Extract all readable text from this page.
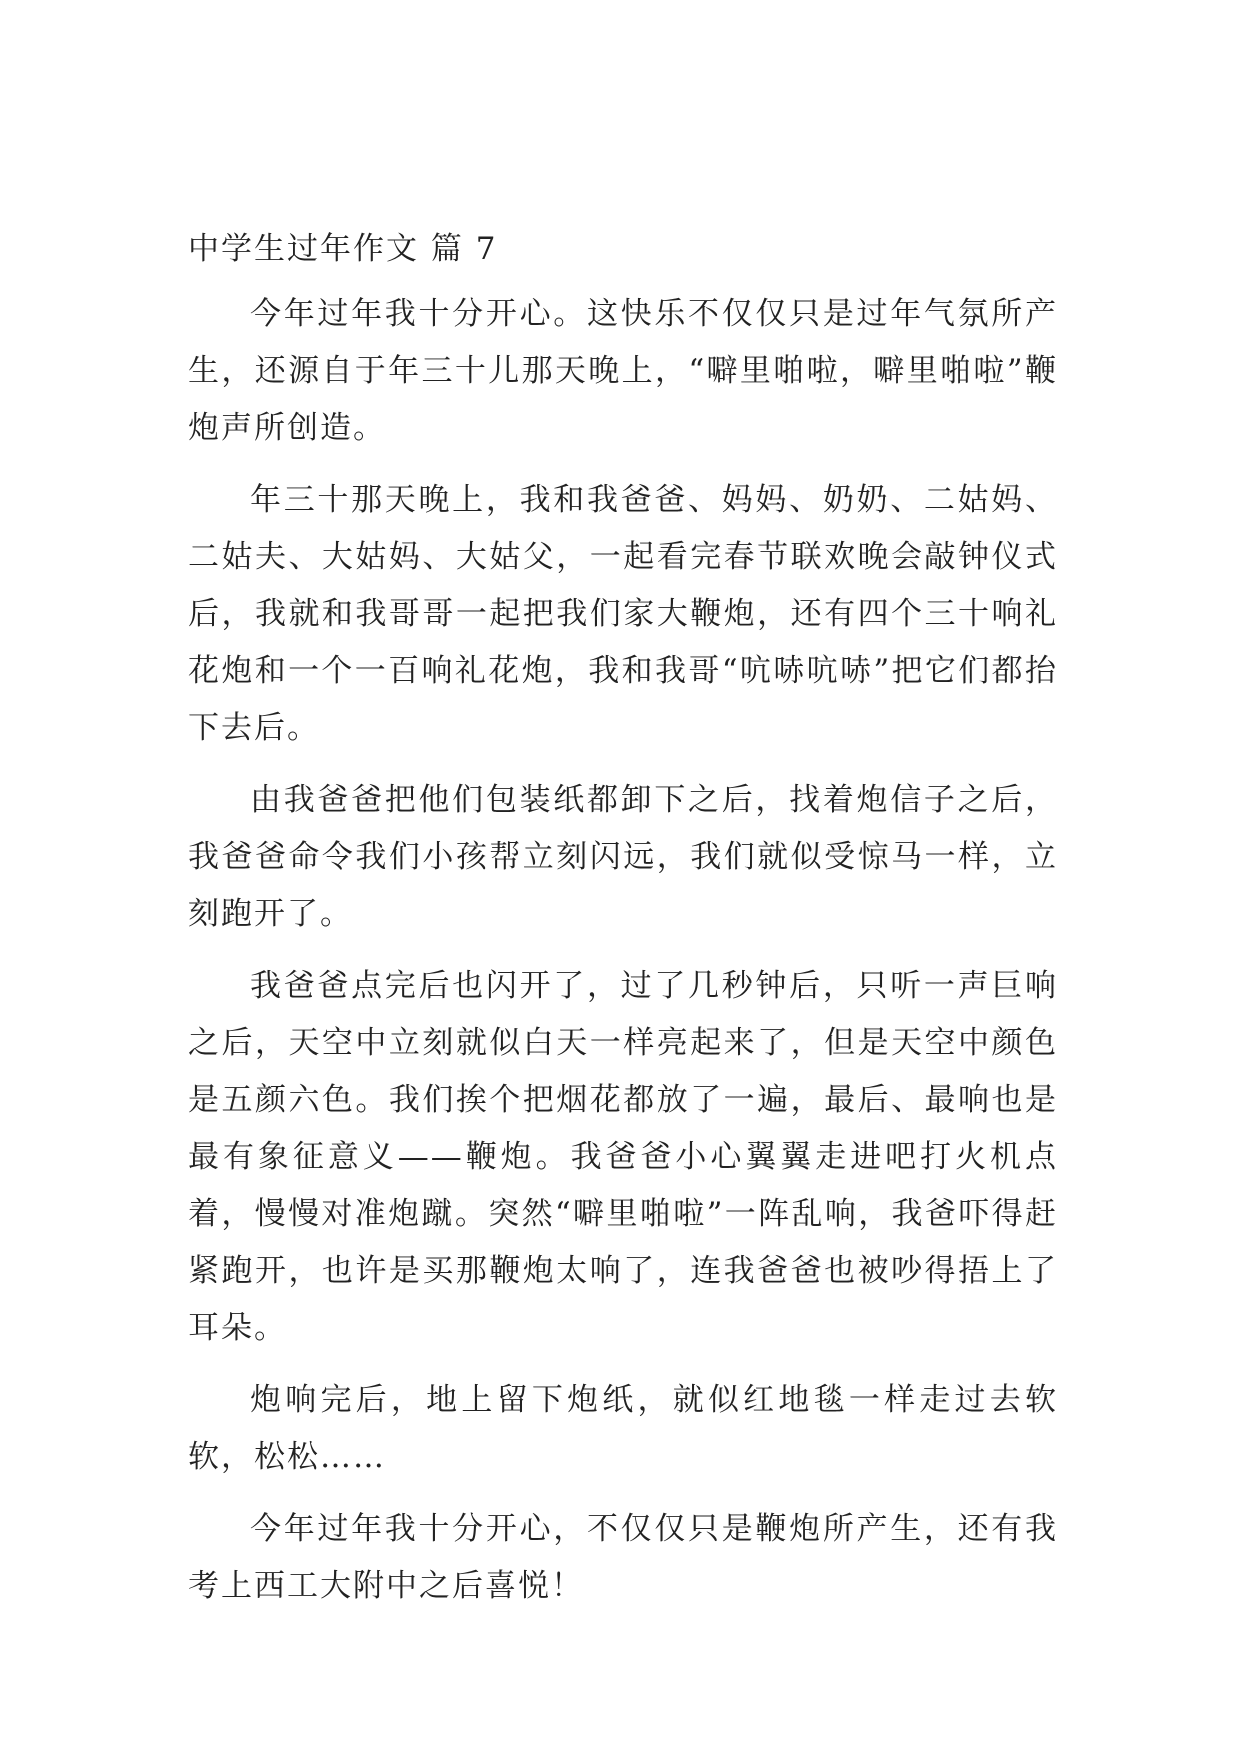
中学生过年作文 篇 7

今年过年我十分开心。这快乐不仅仅只是过年气氛所产生，还源自于年三十儿那天晚上，“噼里啪啦，噼里啪啦”鞭炮声所创造。

年三十那天晚上，我和我爸爸、妈妈、奶奶、二姑妈、二姑夫、大姑妈、大姑父，一起看完春节联欢晚会敲钟仪式后，我就和我哥哥一起把我们家大鞭炮，还有四个三十响礼花炮和一个一百响礼花炮，我和我哥“吭哧吭哧”把它们都抬下去后。

由我爸爸把他们包装纸都卸下之后，找着炮信子之后，我爸爸命令我们小孩帮立刻闪远，我们就似受惊马一样，立刻跑开了。

我爸爸点完后也闪开了，过了几秒钟后，只听一声巨响之后，天空中立刻就似白天一样亮起来了，但是天空中颜色是五颜六色。我们挨个把烟花都放了一遍，最后、最响也是最有象征意义——鞭炮。我爸爸小心翼翼走进吧打火机点着，慢慢对准炮蹴。突然“噼里啪啦”一阵乱响，我爸吓得赶紧跑开，也许是买那鞭炮太响了，连我爸爸也被吵得捂上了耳朵。

炮响完后，地上留下炮纸，就似红地毯一样走过去软软，松松……

今年过年我十分开心，不仅仅只是鞭炮所产生，还有我考上西工大附中之后喜悦！
